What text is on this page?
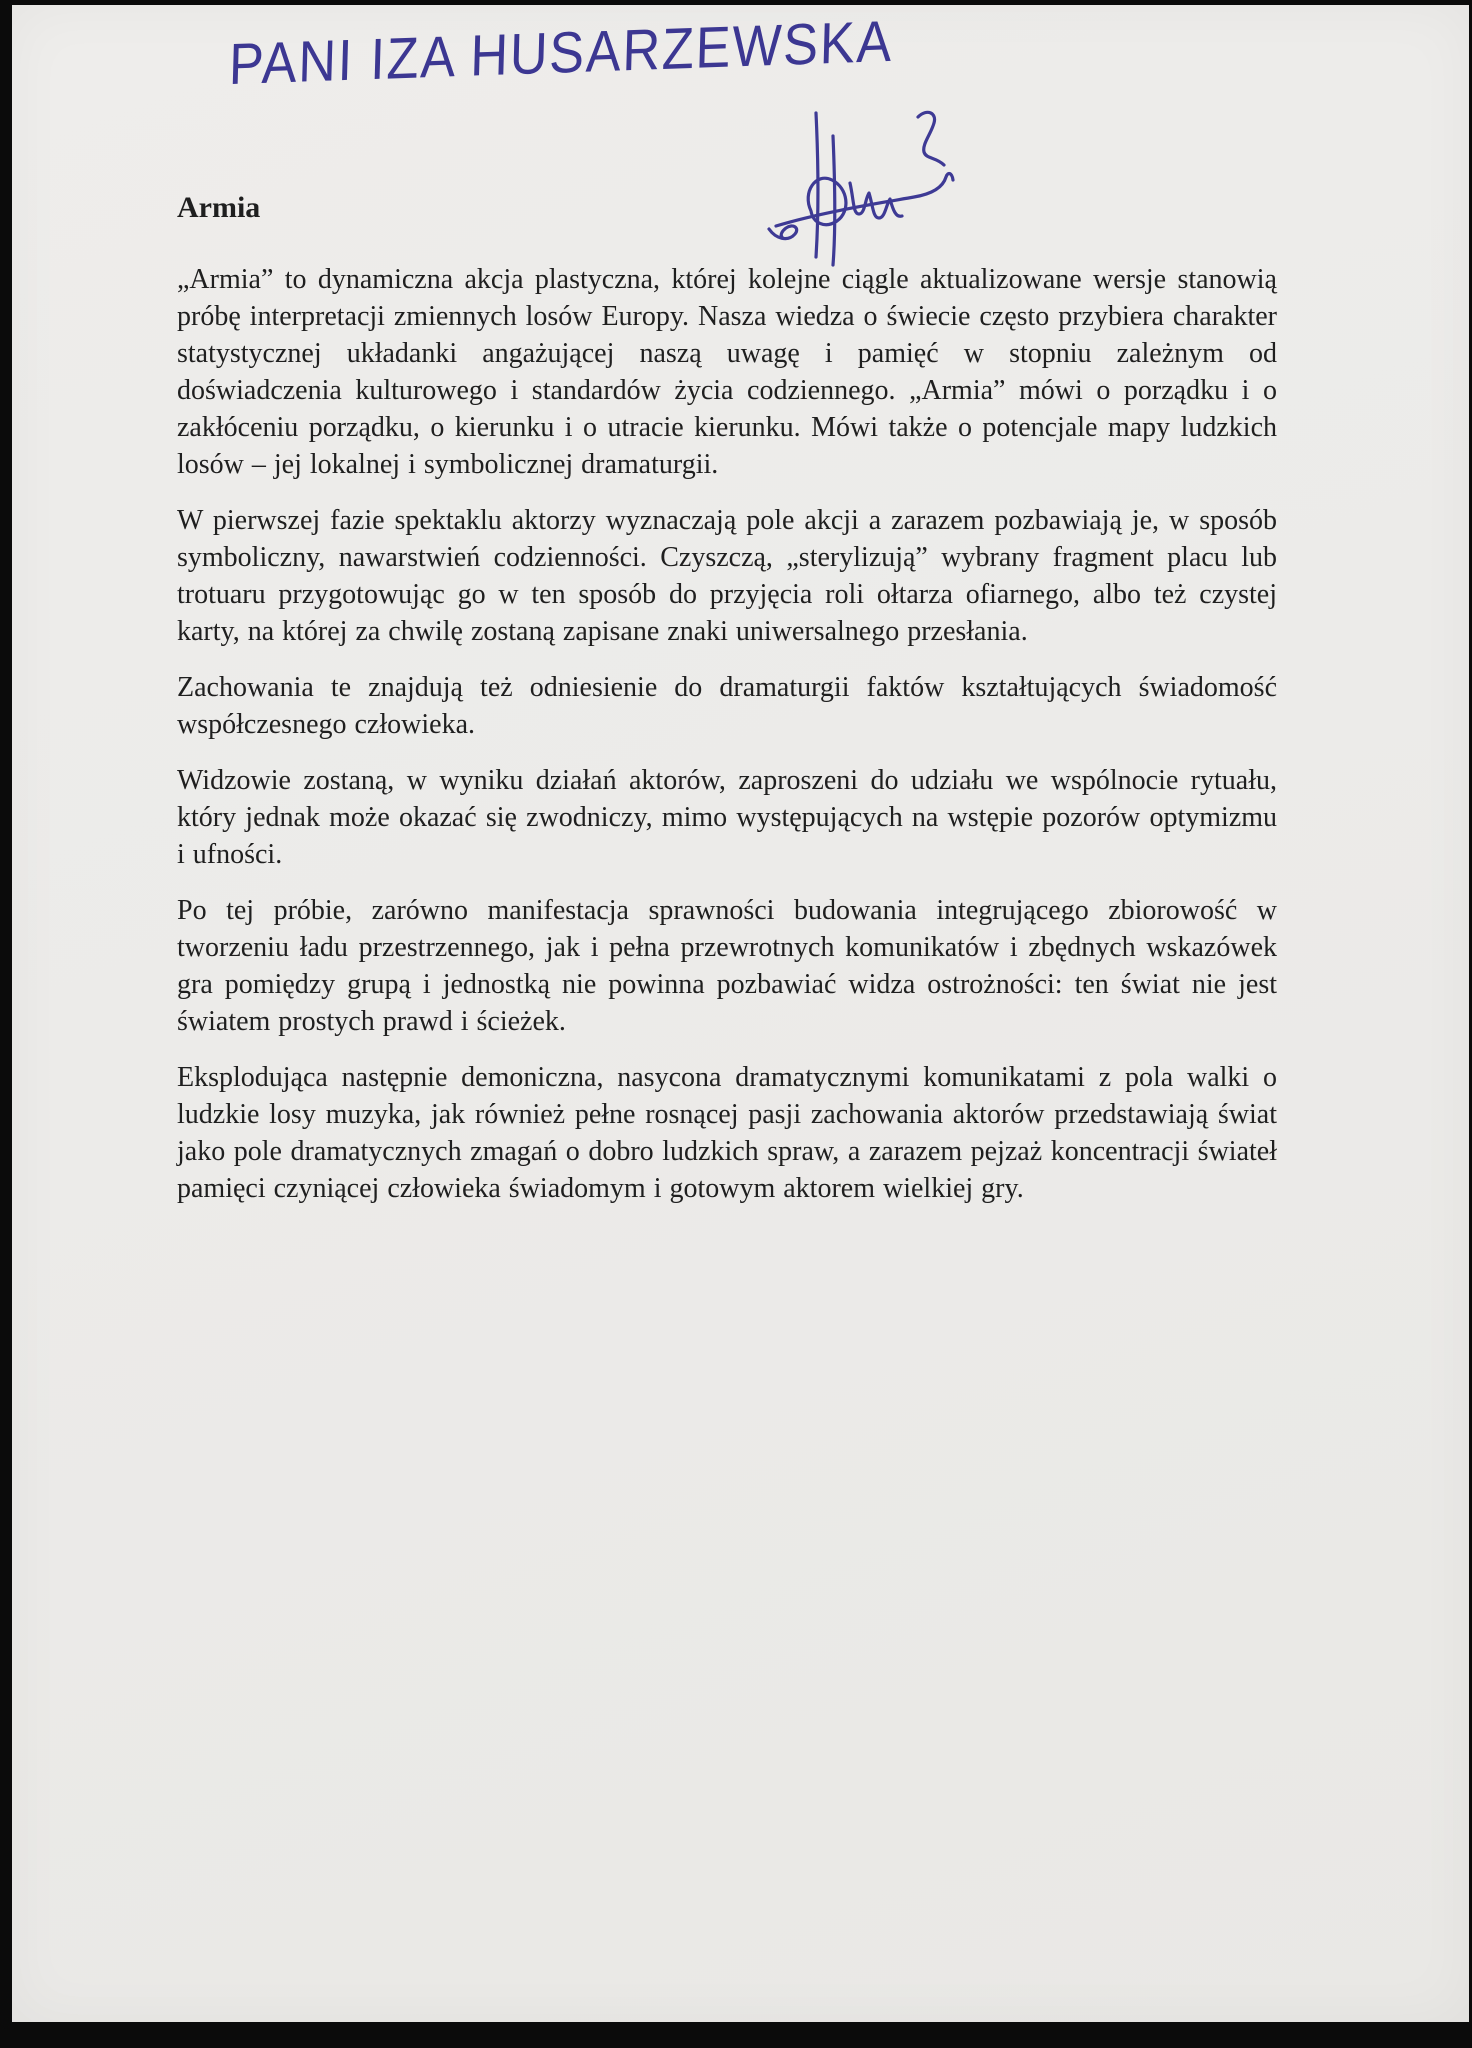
PANI IZA HUSARZEWSKA
Armia

„Armia” to dynamiczna akcja plastyczna, której kolejne ciągle aktualizowane wersje stanowią próbę interpretacji zmiennych losów Europy. Nasza wiedza o świecie często przybiera charakter statystycznej układanki angażującej naszą uwagę i pamięć w stopniu zależnym od doświadczenia kulturowego i standardów życia codziennego. „Armia” mówi o porządku i o zakłóceniu porządku, o kierunku i o utracie kierunku. Mówi także o potencjale mapy ludzkich losów – jej lokalnej i symbolicznej dramaturgii.

W pierwszej fazie spektaklu aktorzy wyznaczają pole akcji a zarazem pozbawiają je, w sposób symboliczny, nawarstwień codzienności. Czyszczą, „sterylizują” wybrany fragment placu lub trotuaru przygotowując go w ten sposób do przyjęcia roli ołtarza ofiarnego, albo też czystej karty, na której za chwilę zostaną zapisane znaki uniwersalnego przesłania.

Zachowania te znajdują też odniesienie do dramaturgii faktów kształtujących świadomość współczesnego człowieka.

Widzowie zostaną, w wyniku działań aktorów, zaproszeni do udziału we wspólnocie rytuału, który jednak może okazać się zwodniczy, mimo występujących na wstępie pozorów optymizmu i ufności.

Po tej próbie, zarówno manifestacja sprawności budowania integrującego zbiorowość w tworzeniu ładu przestrzennego, jak i pełna przewrotnych komunikatów i zbędnych wskazówek gra pomiędzy grupą i jednostką nie powinna pozbawiać widza ostrożności: ten świat nie jest światem prostych prawd i ścieżek.

Eksplodująca następnie demoniczna, nasycona dramatycznymi komunikatami z pola walki o ludzkie losy muzyka, jak również pełne rosnącej pasji zachowania aktorów przedstawiają świat jako pole dramatycznych zmagań o dobro ludzkich spraw, a zarazem pejzaż koncentracji świateł pamięci czyniącej człowieka świadomym i gotowym aktorem wielkiej gry.
